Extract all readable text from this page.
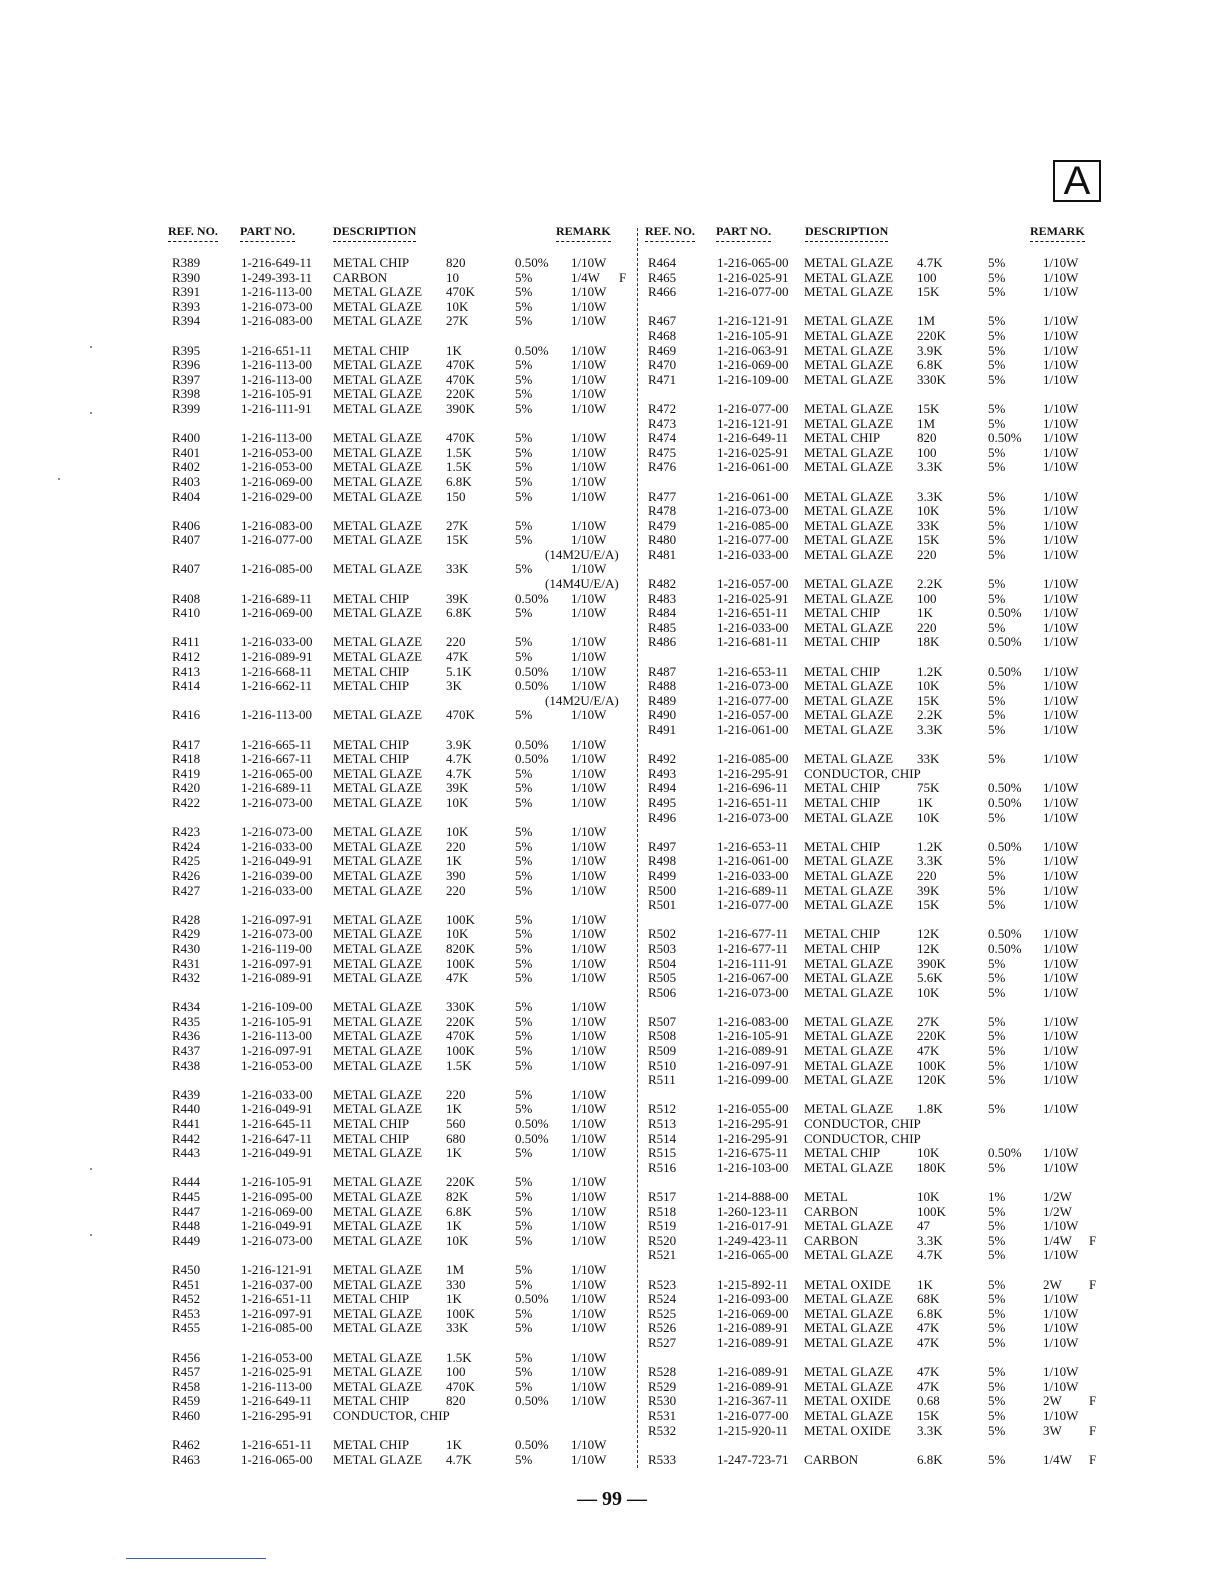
A
REF. NO. PART NO.	DESCRIPTION	REMARK
R389	1-216-649-11 METAL CHIP	820	0.50% 1/10W
R390	1-249-393-11 CARBON	10	5%	1/4W F
R391	1-216-113-00 METAL GLAZE 470K	5%	1/10W
R393	1-216-073-00 METAL GLAZE 10K	5%	1/10W
R394	1-216-083-00 METAL GLAZE 27K	5%	1/10W
R395	1-216-651-11 METAL CHIP	1K	0.50% 1/10W
R396	1-216-113-00 METAL GLAZE 470K	5%	1/10W
R397	1-216-113-00 METAL GLAZE 470K	5%	1/10W
R398	1-216-105-91 METAL GLAZE 220K	5%	1/10W
R399	1-216-111-91 METAL GLAZE 390K	5%	1/10W
R400	1-216-113-00 METAL GLAZE 470K	5%	1/10W
R401	1-216-053-00 METAL GLAZE 1.5K	5%	1/10W
R402	1-216-053-00 METAL GLAZE 1.5K	5%	1/10W
R403	1-216-069-00 METAL GLAZE 6.8K	5%	1/10W
R404	1-216-029-00 METAL GLAZE 150	5%	1/10W
R406	1-216-083-00 METAL GLAZE 27K	5%	1/10W
R407	1-216-077-00 METAL GLAZE 15K	5%	1/10W
(14M2U/E/A)
R407	1-216-085-00 METAL GLAZE 33K	5%	1/10W
(14M4U/E/A)
R408	1-216-689-11 METAL CHIP	39K	0.50% 1/10W
R410	1-216-069-00 METAL GLAZE 6.8K	5%	1/10W
R411	1-216-033-00 METAL GLAZE 220	5%	1/10W
R412	1-216-089-91 METAL GLAZE 47K	5%	1/10W
R413	1-216-668-11 METAL CHIP	5.1K	0.50% 1/10W
R414	1-216-662-11 METAL CHIP	3K	0.50% 1/10W
(14M2U/E/A)
R416	1-216-113-00 METAL GLAZE 470K	5%	1/10W
R417	1-216-665-11 METAL CHIP	3.9K	0.50% 1/10W
R418	1-216-667-11 METAL CHIP	4.7K	0.50% 1/10W
R419	1-216-065-00 METAL GLAZE 4.7K	5%	1/10W
R420	1-216-689-11 METAL GLAZE 39K	5%	1/10W
R422	1-216-073-00 METAL GLAZE 10K	5%	1/10W
R423	1-216-073-00 METAL GLAZE 10K	5%	1/10W
R424	1-216-033-00 METAL GLAZE 220	5%	1/10W
R425	1-216-049-91 METAL GLAZE 1K	5%	1/10W
R426	1-216-039-00 METAL GLAZE 390	5%	1/10W
R427	1-216-033-00 METAL GLAZE 220	5%	1/10W
R428	1-216-097-91 METAL GLAZE 100K	5%	1/10W
R429	1-216-073-00 METAL GLAZE 10K	5%	1/10W
R430	1-216-119-00 METAL GLAZE 820K	5%	1/10W
R431	1-216-097-91 METAL GLAZE 100K	5%	1/10W
R432	1-216-089-91 METAL GLAZE 47K	5%	1/10W
R434	1-216-109-00 METAL GLAZE 330K	5%	1/10W
R435	1-216-105-91 METAL GLAZE 220K	5%	1/10W
R436	1-216-113-00 METAL GLAZE 470K	5%	1/10W
R437	1-216-097-91 METAL GLAZE 100K	5%	1/10W
R438	1-216-053-00 METAL GLAZE 1.5K	5%	1/10W
R439	1-216-033-00 METAL GLAZE 220	5%	1/10W
R440	1-216-049-91 METAL GLAZE 1K	5%	1/10W
R441	1-216-645-11 METAL CHIP	560	0.50% 1/10W
R442	1-216-647-11 METAL CHIP	680	0.50% 1/10W
R443	1-216-049-91 METAL GLAZE 1K	5%	1/10W
R444	1-216-105-91 METAL GLAZE 220K	5%	1/10W
R445	1-216-095-00 METAL GLAZE 82K	5%	1/10W
R447	1-216-069-00 METAL GLAZE 6.8K	5%	1/10W
R448	1-216-049-91 METAL GLAZE 1K	5%	1/10W
R449	1-216-073-00 METAL GLAZE 10K	5%	1/10W
R450	1-216-121-91 METAL GLAZE 1M	5%	1/10W
R451	1-216-037-00 METAL GLAZE 330	5%	1/10W
R452	1-216-651-11 METAL CHIP	1K	0.50% 1/10W
R453	1-216-097-91 METAL GLAZE 100K	5%	1/10W
R455	1-216-085-00 METAL GLAZE 33K	5%	1/10W
R456	1-216-053-00 METAL GLAZE 1.5K	5%	1/10W
R457	1-216-025-91 METAL GLAZE 100	5%	1/10W
R458	1-216-113-00 METAL GLAZE 470K	5%	1/10W
R459	1-216-649-11 METAL CHIP	820	0.50% 1/10W
R460	1-216-295-91 CONDUCTOR, CHIP
R462	1-216-651-11 METAL CHIP	1K	0.50% 1/10W
R463	1-216-065-00 METAL GLAZE 4.7K	5%	1/10W
REF. NO. PART NO.	DESCRIPTION	REMARK
R464	1-216-065-00 METAL GLAZE 4.7K	5%	1/10W
R465	1-216-025-91 METAL GLAZE 100	5%	1/10W
R466	1-216-077-00 METAL GLAZE 15K	5%	1/10W
R467	1-216-121-91 METAL GLAZE 1M	5%	1/10W
R468	1-216-105-91 METAL GLAZE 220K	5%	1/10W
R469	1-216-063-91 METAL GLAZE 3.9K	5%	1/10W
R470	1-216-069-00 METAL GLAZE 6.8K	5%	1/10W
R471	1-216-109-00 METAL GLAZE 330K	5%	1/10W
R472	1-216-077-00 METAL GLAZE 15K	5%	1/10W
R473	1-216-121-91 METAL GLAZE 1M	5%	1/10W
R474	1-216-649-11 METAL CHIP	820	0.50% 1/10W
R475	1-216-025-91 METAL GLAZE 100	5%	1/10W
R476	1-216-061-00 METAL GLAZE 3.3K	5%	1/10W
R477	1-216-061-00 METAL GLAZE 3.3K	5%	1/10W
R478	1-216-073-00 METAL GLAZE 10K	5%	1/10W
R479	1-216-085-00 METAL GLAZE 33K	5%	1/10W
R480	1-216-077-00 METAL GLAZE 15K	5%	1/10W
R481	1-216-033-00 METAL GLAZE 220	5%	1/10W
R482	1-216-057-00 METAL GLAZE 2.2K	5%	1/10W
R483	1-216-025-91 METAL GLAZE 100	5%	1/10W
R484	1-216-651-11 METAL CHIP	1K	0.50% 1/10W
R485	1-216-033-00 METAL GLAZE 220	5%	1/10W
R486	1-216-681-11 METAL CHIP	18K	0.50% 1/10W
R487	1-216-653-11 METAL CHIP	1.2K	0.50% 1/10W
R488	1-216-073-00 METAL GLAZE 10K	5%	1/10W
R489	1-216-077-00 METAL GLAZE 15K	5%	1/10W
R490	1-216-057-00 METAL GLAZE 2.2K	5%	1/10W
R491	1-216-061-00 METAL GLAZE 3.3K	5%	1/10W
R492	1-216-085-00 METAL GLAZE 33K	5%	1/10W
R493	1-216-295-91 CONDUCTOR, CHIP
R494	1-216-696-11 METAL CHIP	75K	0.50% 1/10W
R495	1-216-651-11 METAL CHIP	1K	0.50% 1/10W
R496	1-216-073-00 METAL GLAZE 10K	5%	1/10W
R497	1-216-653-11 METAL CHIP	1.2K	0.50% 1/10W
R498	1-216-061-00 METAL GLAZE 3.3K	5%	1/10W
R499	1-216-033-00 METAL GLAZE 220	5%	1/10W
R500	1-216-689-11 METAL GLAZE 39K	5%	1/10W
R501	1-216-077-00 METAL GLAZE 15K	5%	1/10W
R502	1-216-677-11 METAL CHIP	12K	0.50% 1/10W
R503	1-216-677-11 METAL CHIP	12K	0.50% 1/10W
R504	1-216-111-91 METAL GLAZE 390K	5%	1/10W
R505	1-216-067-00 METAL GLAZE 5.6K	5%	1/10W
R506	1-216-073-00 METAL GLAZE 10K	5%	1/10W
R507	1-216-083-00 METAL GLAZE 27K	5%	1/10W
R508	1-216-105-91 METAL GLAZE 220K	5%	1/10W
R509	1-216-089-91 METAL GLAZE 47K	5%	1/10W
R510	1-216-097-91 METAL GLAZE 100K	5%	1/10W
R511	1-216-099-00 METAL GLAZE 120K	5%	1/10W
R512	1-216-055-00 METAL GLAZE 1.8K	5%	1/10W
R513	1-216-295-91 CONDUCTOR, CHIP
R514	1-216-295-91 CONDUCTOR, CHIP
R515	1-216-675-11 METAL CHIP	10K	0.50% 1/10W
R516	1-216-103-00 METAL GLAZE 180K	5%	1/10W
R517	1-214-888-00 METAL	10K	1%	1/2W
R518	1-260-123-11 CARBON	100K	5%	1/2W
R519	1-216-017-91 METAL GLAZE 47	5%	1/10W
R520	1-249-423-11 CARBON	3.3K	5%	1/4W F
R521	1-216-065-00 METAL GLAZE 4.7K	5%	1/10W
R523	1-215-892-11 METAL OXIDE 1K	5%	2W F
R524	1-216-093-00 METAL GLAZE 68K	5%	1/10W
R525	1-216-069-00 METAL GLAZE 6.8K	5%	1/10W
R526	1-216-089-91 METAL GLAZE 47K	5%	1/10W
R527	1-216-089-91 METAL GLAZE 47K	5%	1/10W
R528	1-216-089-91 METAL GLAZE 47K	5%	1/10W
R529	1-216-089-91 METAL GLAZE 47K	5%	1/10W
R530	1-216-367-11 METAL OXIDE 0.68	5%	2W F
R531	1-216-077-00 METAL GLAZE 15K	5%	1/10W
R532	1-215-920-11 METAL OXIDE 3.3K	5%	3W F
R533	1-247-723-71 CARBON	6.8K	5%	1/4W F
— 99 —
